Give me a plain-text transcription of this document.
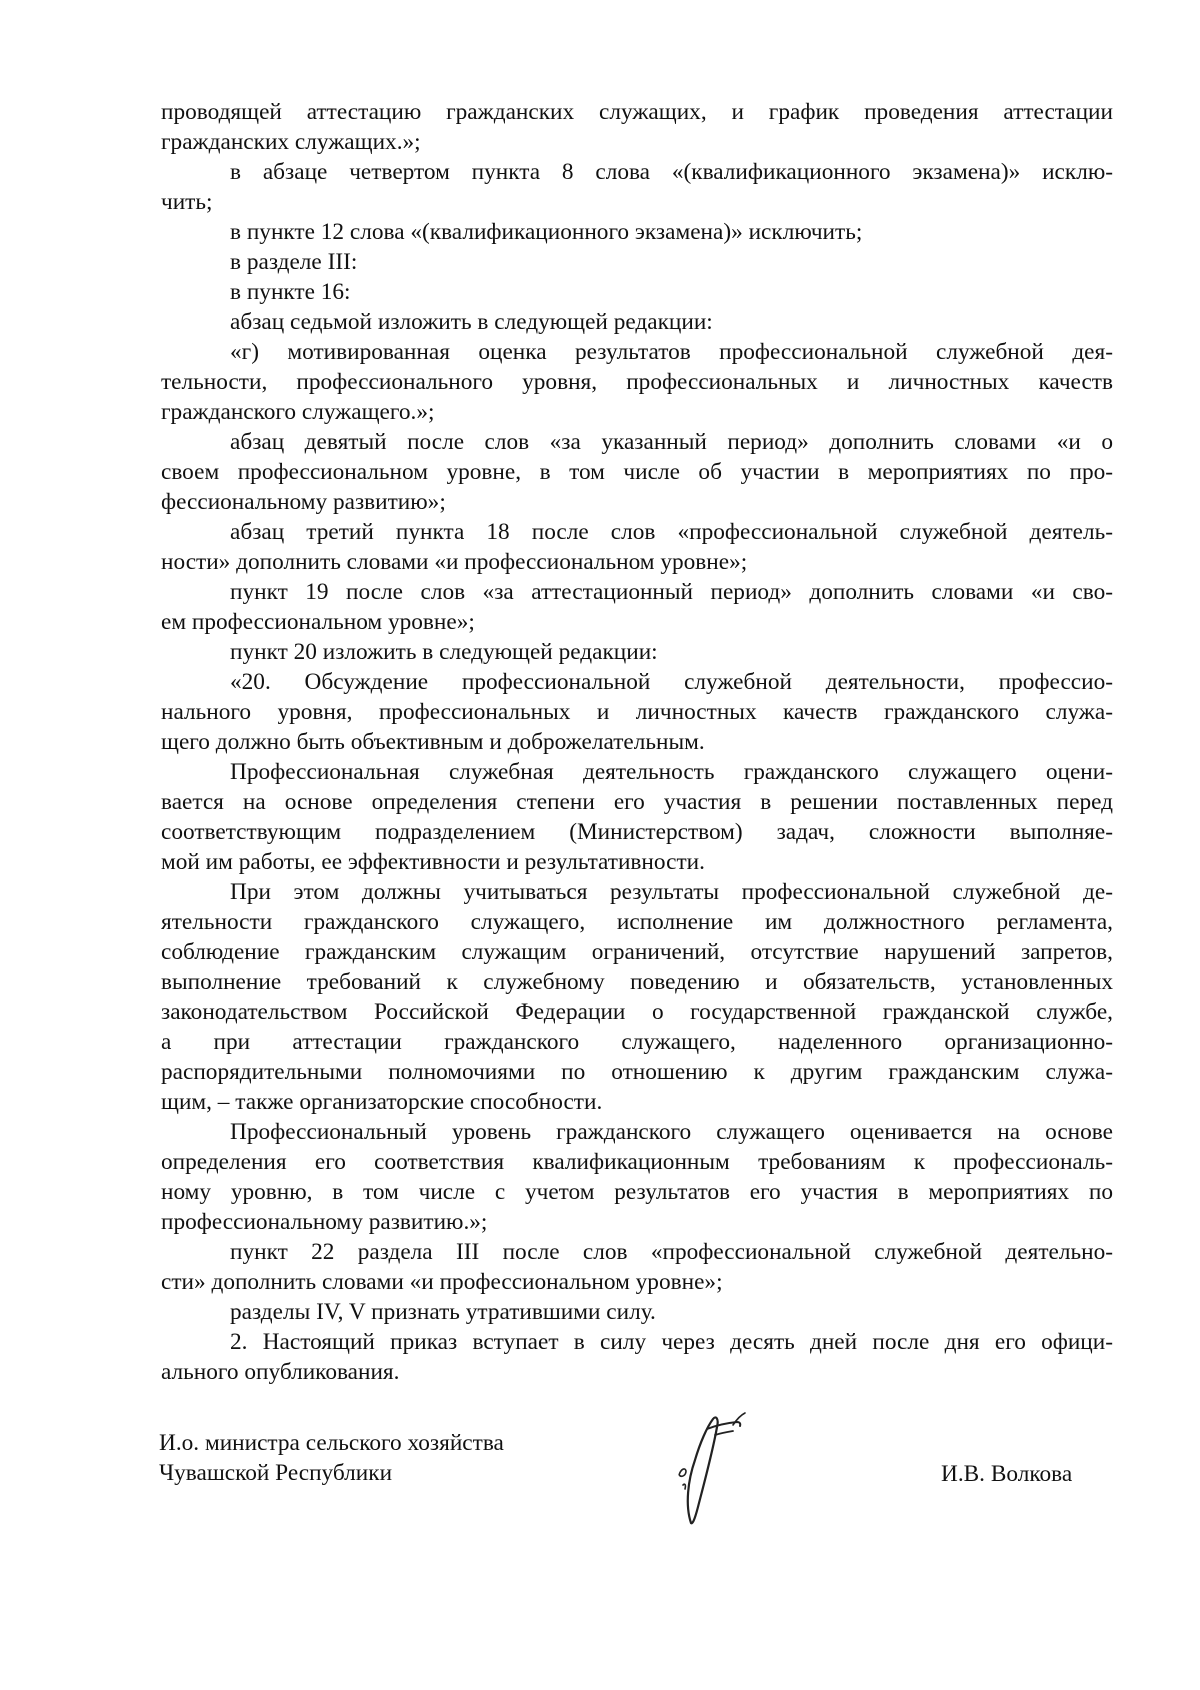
проводящей аттестацию гражданских служащих, и график проведения аттестации
гражданских служащих.»;
в абзаце четвертом пункта 8 слова «(квалификационного экзамена)» исклю-
чить;
в пункте 12 слова «(квалификационного экзамена)» исключить;
в разделе III:
в пункте 16:
абзац седьмой изложить в следующей редакции:
«г) мотивированная оценка результатов профессиональной служебной дея-
тельности, профессионального уровня, профессиональных и личностных качеств
гражданского служащего.»;
абзац девятый после слов «за указанный период» дополнить словами «и о
своем профессиональном уровне, в том числе об участии в мероприятиях по про-
фессиональному развитию»;
абзац третий пункта 18 после слов «профессиональной служебной деятель-
ности» дополнить словами «и профессиональном уровне»;
пункт 19 после слов «за аттестационный период» дополнить словами «и сво-
ем профессиональном уровне»;
пункт 20 изложить в следующей редакции:
«20. Обсуждение профессиональной служебной деятельности, профессио-
нального уровня, профессиональных и личностных качеств гражданского служа-
щего должно быть объективным и доброжелательным.
Профессиональная служебная деятельность гражданского служащего оцени-
вается на основе определения степени его участия в решении поставленных перед
соответствующим подразделением (Министерством) задач, сложности выполняе-
мой им работы, ее эффективности и результативности.
При этом должны учитываться результаты профессиональной служебной де-
ятельности гражданского служащего, исполнение им должностного регламента,
соблюдение гражданским служащим ограничений, отсутствие нарушений запретов,
выполнение требований к служебному поведению и обязательств, установленных
законодательством Российской Федерации о государственной гражданской службе,
а при аттестации гражданского служащего, наделенного организационно-
распорядительными полномочиями по отношению к другим гражданским служа-
щим, – также организаторские способности.
Профессиональный уровень гражданского служащего оценивается на основе
определения его соответствия квалификационным требованиям к профессиональ-
ному уровню, в том числе с учетом результатов его участия в мероприятиях по
профессиональному развитию.»;
пункт 22 раздела III после слов «профессиональной служебной деятельно-
сти» дополнить словами «и профессиональном уровне»;
разделы IV, V признать утратившими силу.
2. Настоящий приказ вступает в силу через десять дней после дня его офици-
ального опубликования.
И.о. министра сельского хозяйства
Чувашской Республики	И.В. Волкова
